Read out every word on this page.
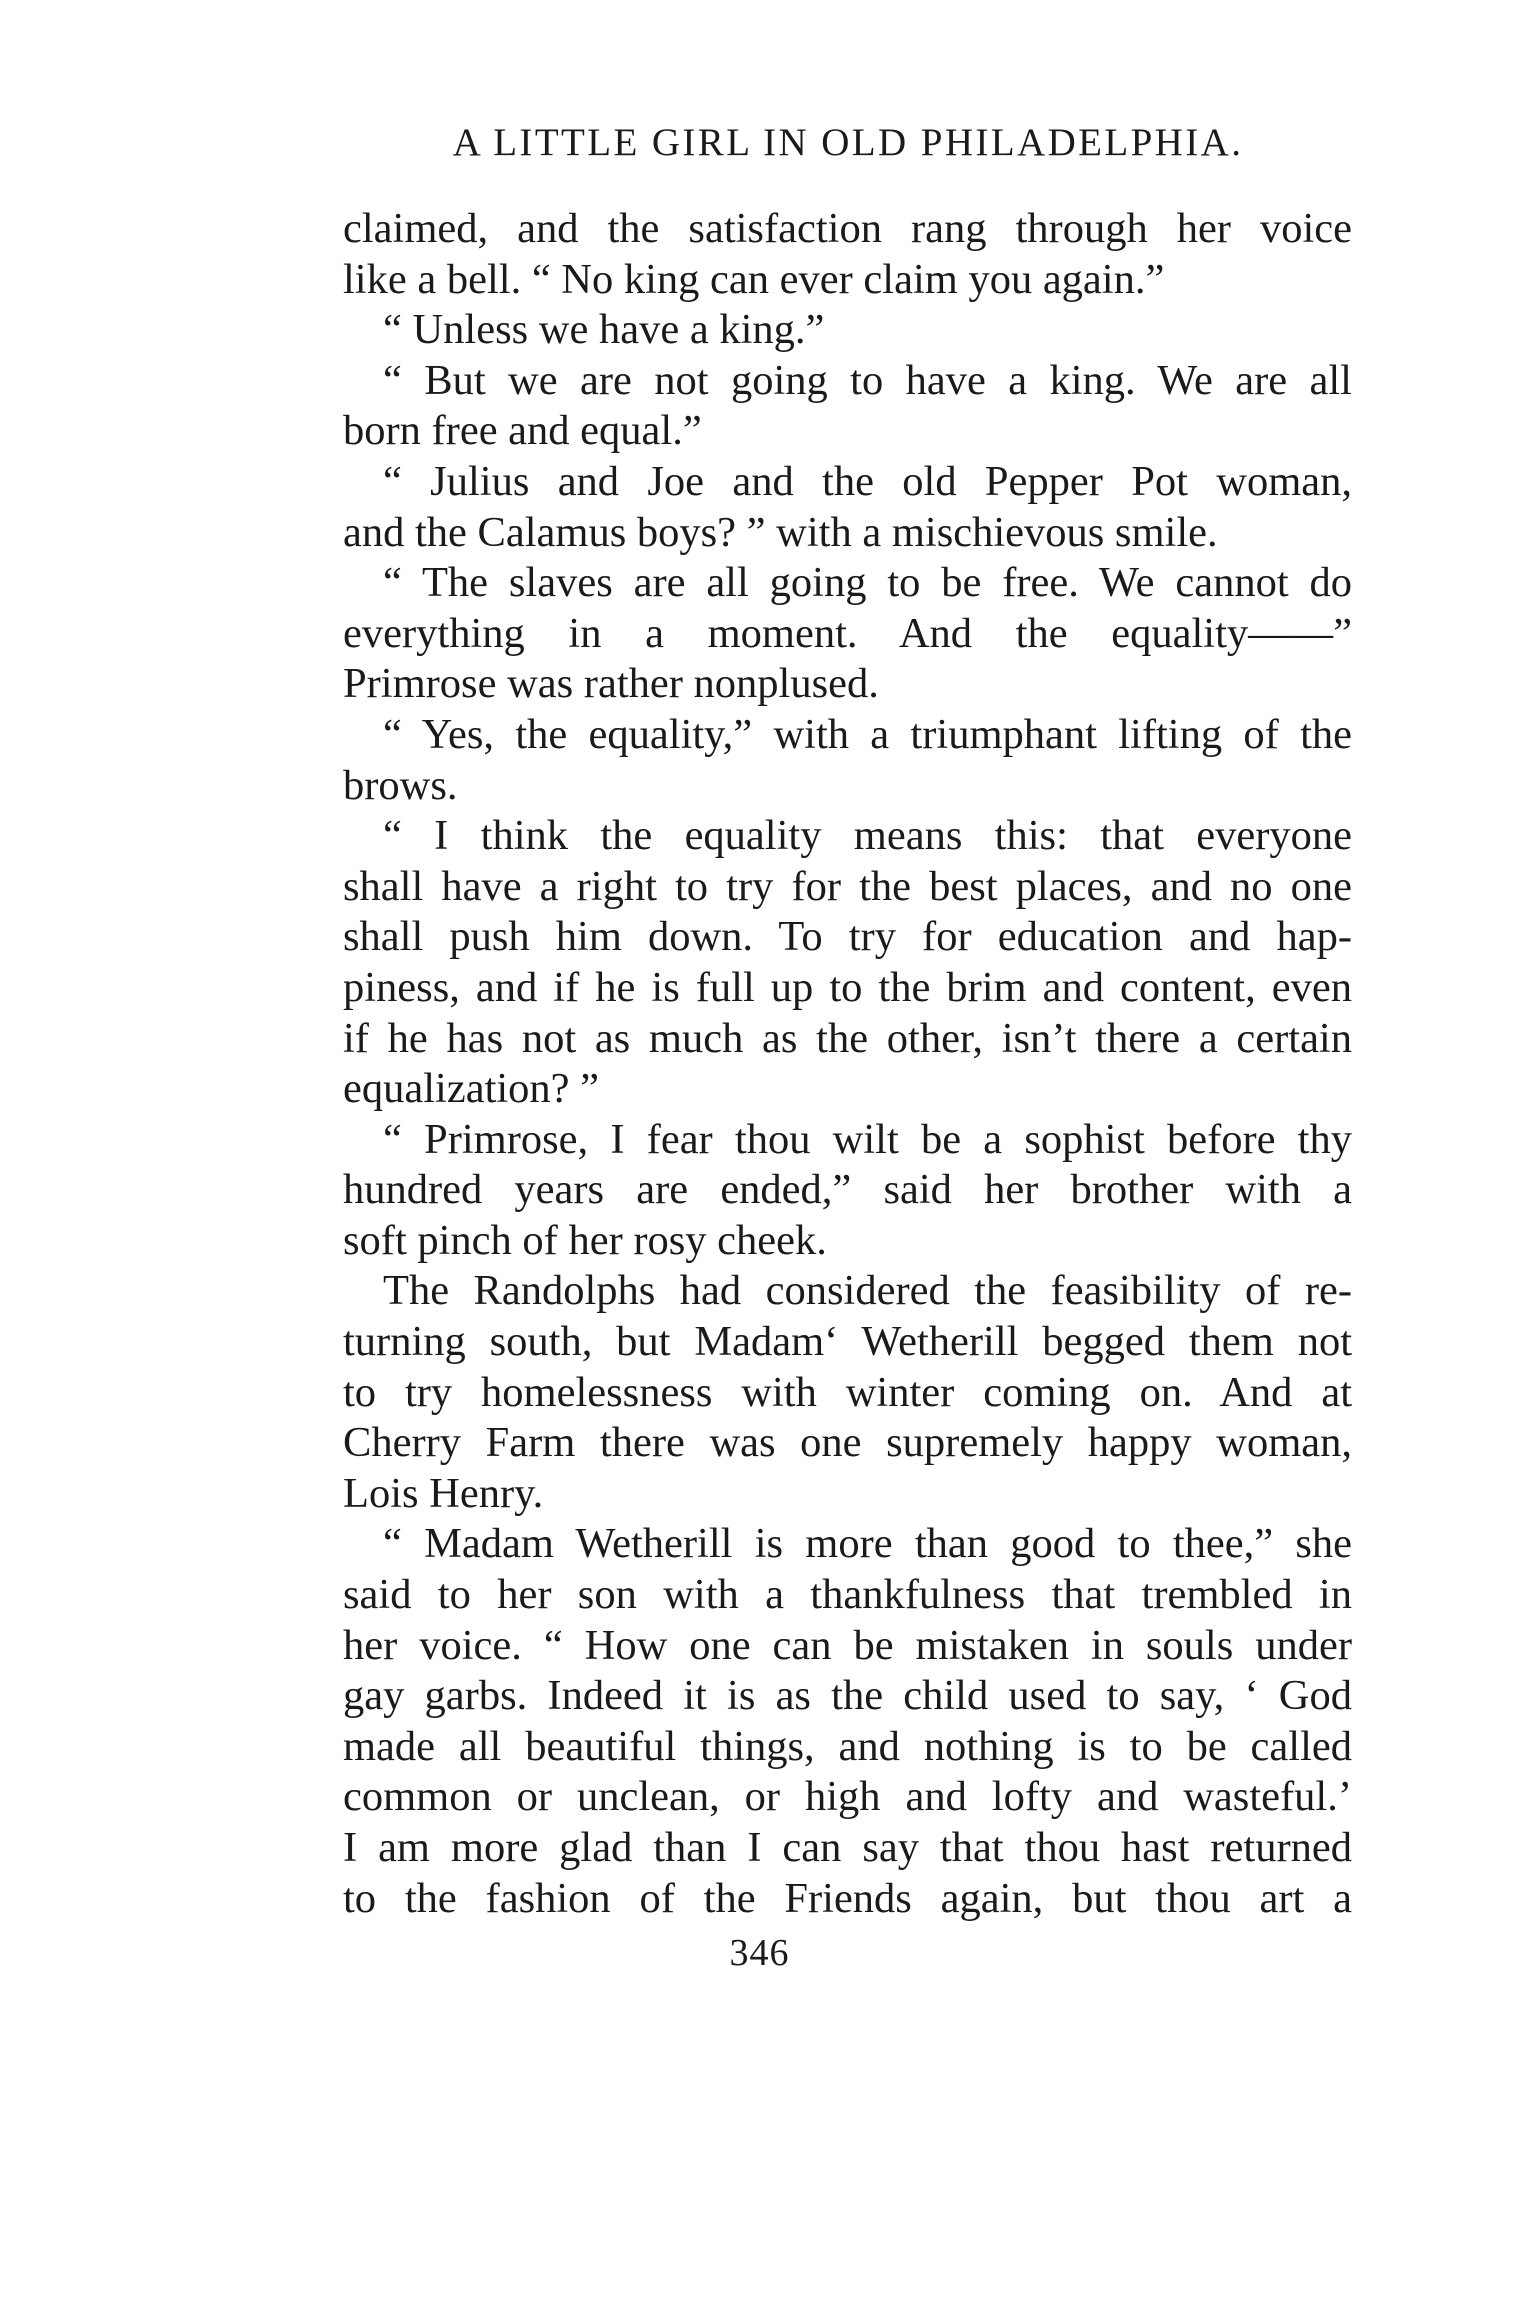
A LITTLE GIRL IN OLD PHILADELPHIA.
claimed, and the satisfaction rang through her voice
like a bell. “ No king can ever claim you again.”
“ Unless we have a king.”
“ But we are not going to have a king. We are all
born free and equal.”
“ Julius and Joe and the old Pepper Pot woman,
and the Calamus boys? ” with a mischievous smile.
“ The slaves are all going to be free. We cannot do
everything in a moment. And the equality——”
Primrose was rather nonplused.
“ Yes, the equality,” with a triumphant lifting of the
brows.
“ I think the equality means this: that everyone
shall have a right to try for the best places, and no one
shall push him down. To try for education and hap-
piness, and if he is full up to the brim and content, even
if he has not as much as the other, isn’t there a certain
equalization? ”
“ Primrose, I fear thou wilt be a sophist before thy
hundred years are ended,” said her brother with a
soft pinch of her rosy cheek.
The Randolphs had considered the feasibility of re-
turning south, but Madam‘ Wetherill begged them not
to try homelessness with winter coming on. And at
Cherry Farm there was one supremely happy woman,
Lois Henry.
“ Madam Wetherill is more than good to thee,” she
said to her son with a thankfulness that trembled in
her voice. “ How one can be mistaken in souls under
gay garbs. Indeed it is as the child used to say, ‘ God
made all beautiful things, and nothing is to be called
common or unclean, or high and lofty and wasteful.’
I am more glad than I can say that thou hast returned
to the fashion of the Friends again, but thou art a
346
